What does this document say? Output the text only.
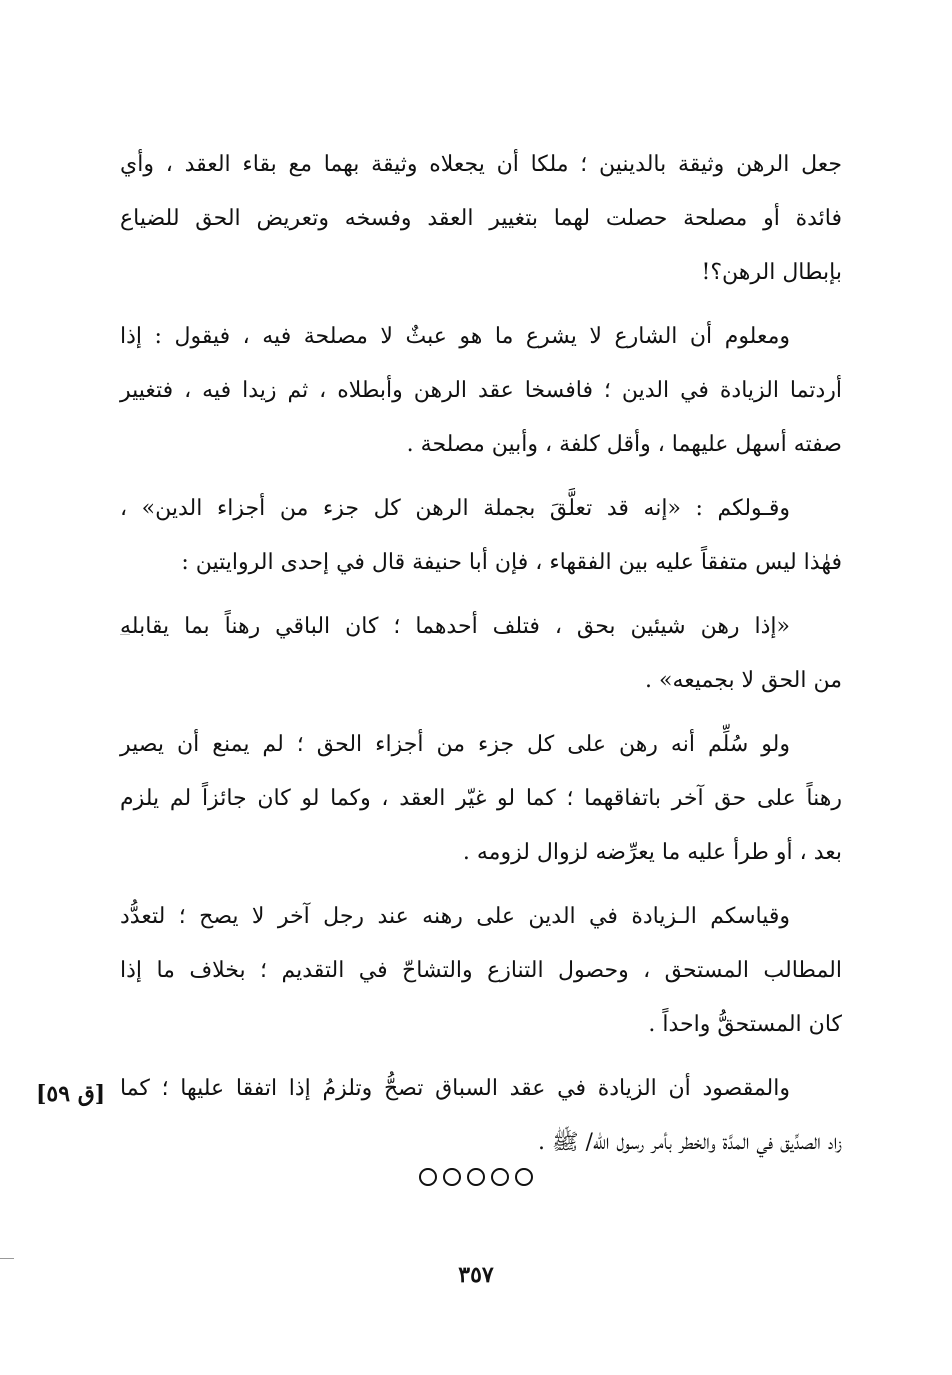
جعل الرهن وثيقة بالدينين ؛ ملكا أن يجعلاه وثيقة بهما مع بقاء العقد ، وأي
فائدة أو مصلحة حصلت لهما بتغيير العقد وفسخه وتعريض الحق للضياع
بإبطال الرهن؟!

ومعلوم أن الشارع لا يشرع ما هو عبثٌ لا مصلحة فيه ، فيقول : إذا
أردتما الزيادة في الدين ؛ فافسخا عقد الرهن وأبطلاه ، ثم زيدا فيه ، فتغيير
صفته أسهل عليهما ، وأقل كلفة ، وأبين مصلحة .

وقـولكم : «إنه قد تعلَّقَ بجملة الرهن كل جزء من أجزاء الدين» ،
فهٰذا ليس متفقاً عليه بين الفقهاء ، فإن أبا حنيفة قال في إحدى الروايتين :

«إذا رهن شيئين بحق ، فتلف أحدهما ؛ كان الباقي رهناً بما يقابله
من الحق لا بجميعه» .

ولو سُلِّم أنه رهن على كل جزء من أجزاء الحق ؛ لم يمنع أن يصير
رهناً على حق آخر باتفاقهما ؛ كما لو غيّر العقد ، وكما لو كان جائزاً لم يلزم
بعد ، أو طرأ عليه ما يعرِّضه لزوال لزومه .

وقياسكم الـزيادة في الدين على رهنه عند رجل آخر لا يصح ؛ لتعدُّد
المطالب المستحق ، وحصول التنازع والتشاحّ في التقديم ؛ بخلاف ما إذا
كان المستحقُّ واحداً .

والمقصود أن الزيادة في عقد السباق تصحُّ وتلزمُ إذا اتفقا عليها ؛ كما
زاد الصدِّيق في المدَّة والخطر بأمر رسول الله/ ﷺ .

[ق ٥٩]
٣٥٧
